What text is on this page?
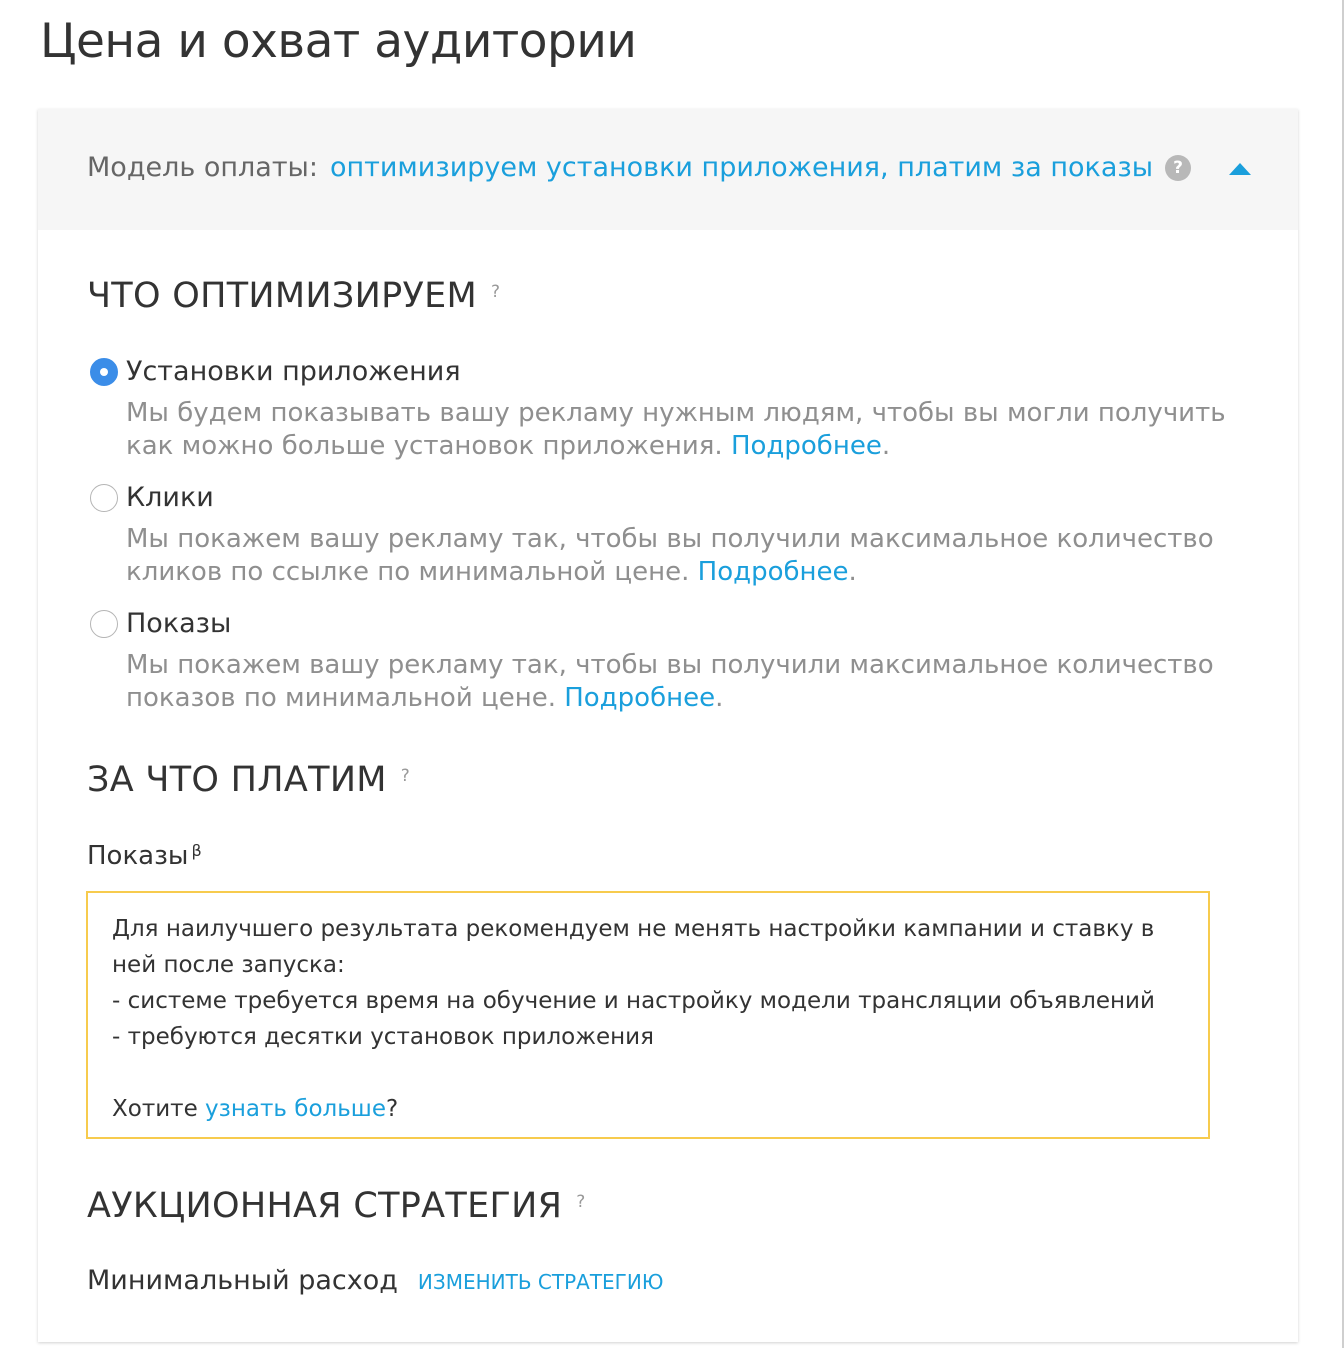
Цена и охват аудитории
Модель оплаты: оптимизируем установки приложения, платим за показы	?
ЧТО ОПТИМИЗИРУЕМ ?
Установки приложения
Мы будем показывать вашу рекламу нужным людям, чтобы вы могли получить как можно больше установок приложения. Подробнее.
Клики
Мы покажем вашу рекламу так, чтобы вы получили максимальное количество кликов по ссылке по минимальной цене. Подробнее.
Показы
Мы покажем вашу рекламу так, чтобы вы получили максимальное количество показов по минимальной цене. Подробнее.
ЗА ЧТО ПЛАТИМ ?
Показы $^\beta$

Для наилучшего результата рекомендуем не менять настройки кампании и ставку в ней после запуска:

- системе требуется время на обучение и настройку модели трансляции объявлений

- требуются десятки установок приложения

Хотите узнать больше?

АУКЦИОННАЯ СТРАТЕГИЯ ?
Минимальный расход ИЗМЕНИТЬ СТРАТЕГИЮ
